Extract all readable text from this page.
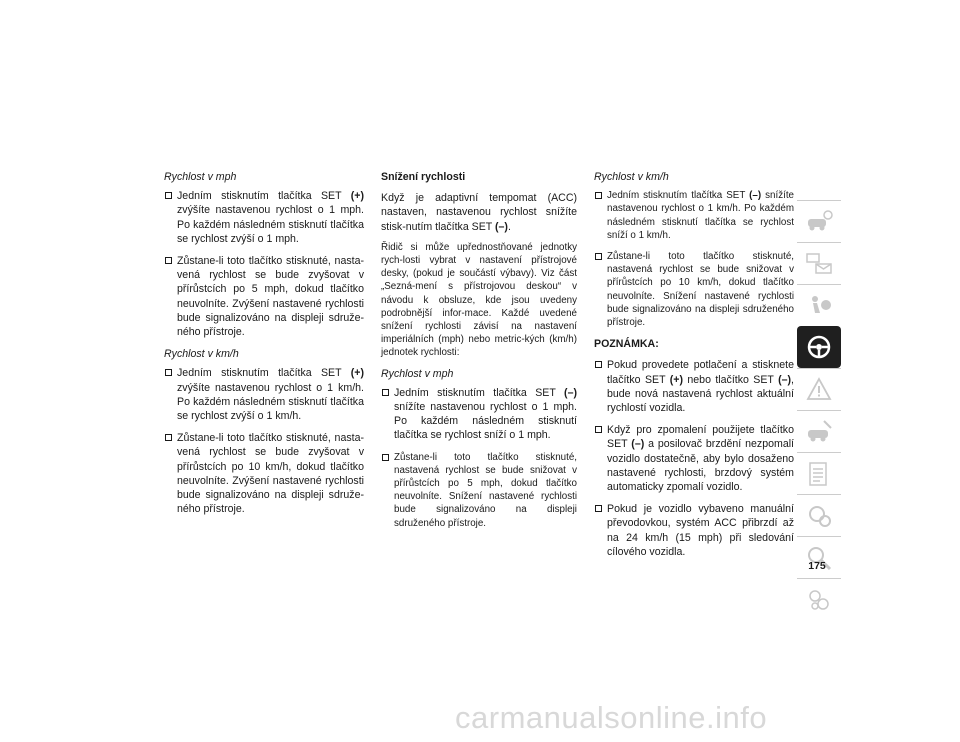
Rychlost v mph
Jedním stisknutím tlačítka SET (+) zvýšíte nastavenou rychlost o 1 mph. Po každém následném stisknutí tlačítka se rychlost zvýší o 1 mph.
Zůstane-li toto tlačítko stisknuté, nasta-vená rychlost se bude zvyšovat v přírůstcích po 5 mph, dokud tlačítko neuvolníte. Zvýšení nastavené rychlosti bude signalizováno na displeji sdruže-ného přístroje.
Rychlost v km/h
Jedním stisknutím tlačítka SET (+) zvýšíte nastavenou rychlost o 1 km/h. Po každém následném stisknutí tlačítka se rychlost zvýší o 1 km/h.
Zůstane-li toto tlačítko stisknuté, nasta-vená rychlost se bude zvyšovat v přírůstcích po 10 km/h, dokud tlačítko neuvolníte. Zvýšení nastavené rychlosti bude signalizováno na displeji sdruže-ného přístroje.
Snížení rychlosti
Když je adaptivní tempomat (ACC) nastaven, nastavenou rychlost snížíte stisk-nutím tlačítka SET (–).
Řidič si může upřednostňované jednotky rych-losti vybrat v nastavení přístrojové desky, (pokud je součástí výbavy). Viz část „Sezná-mení s přístrojovou deskou“ v návodu k obsluze, kde jsou uvedeny podrobnější infor-mace. Každé uvedené snížení rychlosti závisí na nastavení imperiálních (mph) nebo metric-kých (km/h) jednotek rychlosti:
Rychlost v mph
Jedním stisknutím tlačítka SET (–) snížíte nastavenou rychlost o 1 mph. Po každém následném stisknutí tlačítka se rychlost sníží o 1 mph.
Zůstane-li toto tlačítko stisknuté, nastavená rychlost se bude snižovat v přírůstcích po 5 mph, dokud tlačítko neuvolníte. Snížení nastavené rychlosti bude signalizováno na displeji sdruženého přístroje.
Rychlost v km/h
Jedním stisknutím tlačítka SET (–) snížíte nastavenou rychlost o 1 km/h. Po každém následném stisknutí tlačítka se rychlost sníží o 1 km/h.
Zůstane-li toto tlačítko stisknuté, nastavená rychlost se bude snižovat v přírůstcích po 10 km/h, dokud tlačítko neuvolníte. Snížení nastavené rychlosti bude signalizováno na displeji sdruženého přístroje.
POZNÁMKA:
Pokud provedete potlačení a stisknete tlačítko SET (+) nebo tlačítko SET (–), bude nová nastavená rychlost aktuální rychlostí vozidla.
Když pro zpomalení použijete tlačítko SET (–) a posilovač brzdění nezpomalí vozidlo dostatečně, aby bylo dosaženo nastavené rychlosti, brzdový systém automaticky zpomalí vozidlo.
Pokud je vozidlo vybaveno manuální převodovkou, systém ACC přibrzdí až na 24 km/h (15 mph) při sledování cílového vozidla.
175
carmanualsonline.info
